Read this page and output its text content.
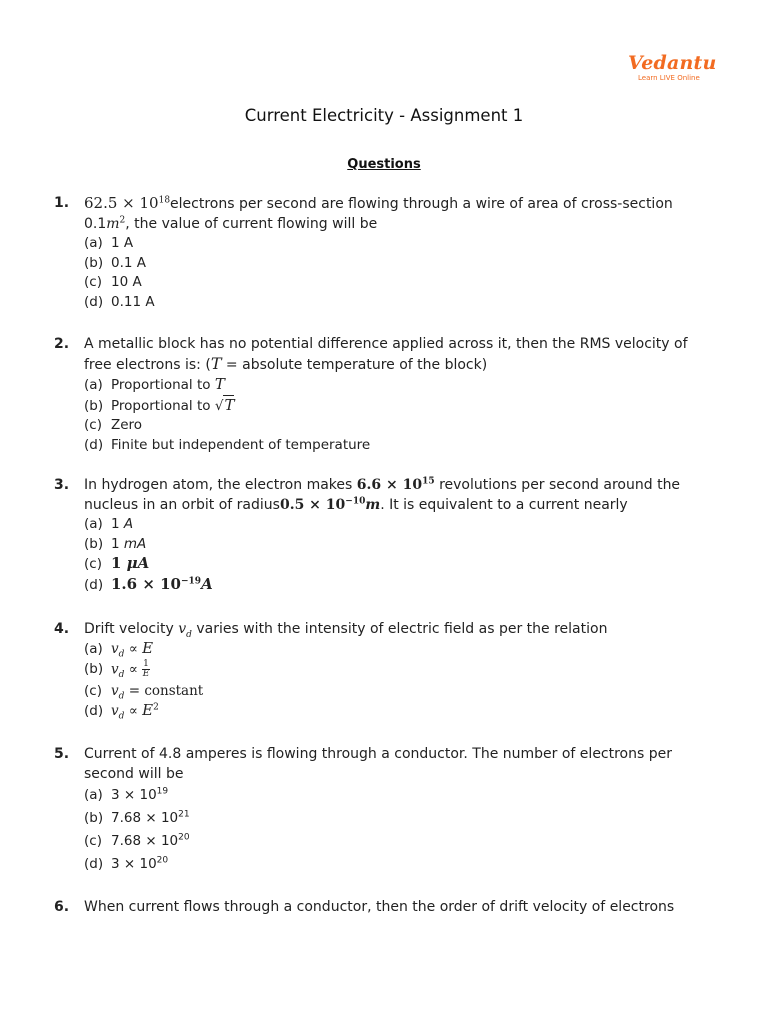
Vedantu
Learn LIVE Online
Current Electricity - Assignment 1
Questions
1. $62.5 \times 10^{18}electrons$ per second are flowing through a wire of area of cross-section
$0.1m^2$, the value of current flowing will be
(a) 1 A
(b) 0.1 A
(c) 10 A
(d) 0.11 A
2. A metallic block has no potential difference applied across it, then the RMS velocity of
free electrons is: (T = absolute temperature of the block)
(a) Proportional to T
(b) Proportional to √T
(c) Zero
(d) Finite but independent of temperature
3. In hydrogen atom, the electron makes $6.6 \times 10^{15}$ revolutions per second around the
nucleus in an orbit of radius0.5 × $10^{-10}m$. It is equivalent to a current nearly
(a) 1 A
(b) 1 mA
(c) 1 μA
(d) $1.6 \times 10^{-19}A$
4. Drift velocity $v_d$ varies with the intensity of electric field as per the relation
(a) $v_d \propto E$
(b) $v_d \propto \frac{1}{E}$
(c) $v_d$ = constant
(d) $v_d \propto E^2$
5. Current of 4.8 amperes is flowing through a conductor. The number of electrons per
second will be
(a) $3 \times 10^{19}$
(b) $7.68 \times 10^{21}$
(c) $7.68 \times 10^{20}$
(d) $3 \times 10^{20}$
6. When current flows through a conductor, then the order of drift velocity of electrons
